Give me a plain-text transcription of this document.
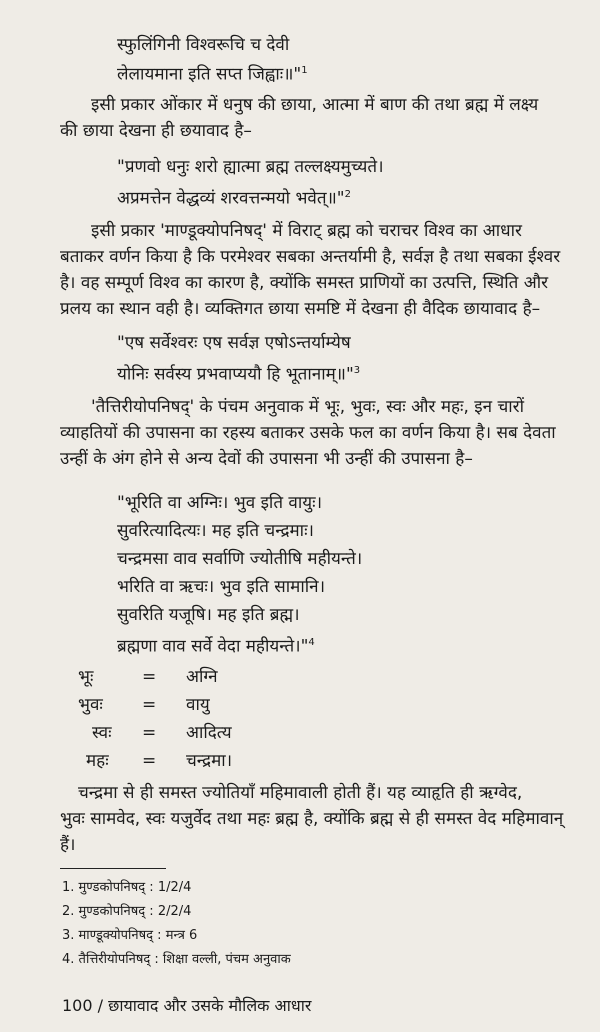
स्फुलिंगिनी विश्वरूचि च देवी
लेलायमाना इति सप्त जिह्वाः॥"$^1$
इसी प्रकार ओंकार में धनुष की छाया, आत्मा में बाण की तथा ब्रह्म में लक्ष्य
की छाया देखना ही छयावाद है–
"प्रणवो धनुः शरो ह्यात्मा ब्रह्म तल्लक्ष्यमुच्यते।
अप्रमत्तेन वेद्धव्यं शरवत्तन्मयो भवेत्॥"$^2$
इसी प्रकार 'माण्डूक्योपनिषद्' में विराट् ब्रह्म को चराचर विश्व का आधार
बताकर वर्णन किया है कि परमेश्वर सबका अन्तर्यामी है, सर्वज्ञ है तथा सबका ईश्वर
है। वह सम्पूर्ण विश्व का कारण है, क्योंकि समस्त प्राणियों का उत्पत्ति, स्थिति और
प्रलय का स्थान वही है। व्यक्तिगत छाया समष्टि में देखना ही वैदिक छायावाद है–
"एष सर्वेश्वरः एष सर्वज्ञ एषोऽन्तर्याम्येष
योनिः सर्वस्य प्रभवाप्ययौ हि भूतानाम्॥"$^3$
'तैत्तिरीयोपनिषद्' के पंचम अनुवाक में भूः, भुवः, स्वः और महः, इन चारों
व्याहतियों की उपासना का रहस्य बताकर उसके फल का वर्णन किया है। सब देवता
उन्हीं के अंग होने से अन्य देवों की उपासना भी उन्हीं की उपासना है–
"भूरिति वा अग्निः। भुव इति वायुः।
सुवरित्यादित्यः। मह इति चन्द्रमाः।
चन्द्रमसा वाव सर्वाणि ज्योतीषि महीयन्ते।
भरिति वा ऋचः। भुव इति सामानि।
सुवरिति यजूषि। मह इति ब्रह्म।
ब्रह्मणा वाव सर्वे वेदा महीयन्ते।"$^4$
भूः	= अग्नि
भुवः = वायु
स्वः = आदित्य
महः = चन्द्रमा।
चन्द्रमा से ही समस्त ज्योतियाँ महिमावाली होती हैं। यह व्याहृति ही ऋग्वेद,
भुवः सामवेद, स्वः यजुर्वेद तथा महः ब्रह्म है, क्योंकि ब्रह्म से ही समस्त वेद महिमावान्
हैं।
1. मुण्डकोपनिषद् : 1/2/4
2. मुण्डकोपनिषद् : 2/2/4
3. माण्डूक्योपनिषद् : मन्त्र 6
4. तैत्तिरीयोपनिषद् : शिक्षा वल्ली, पंचम अनुवाक
100 / छायावाद और उसके मौलिक आधार
